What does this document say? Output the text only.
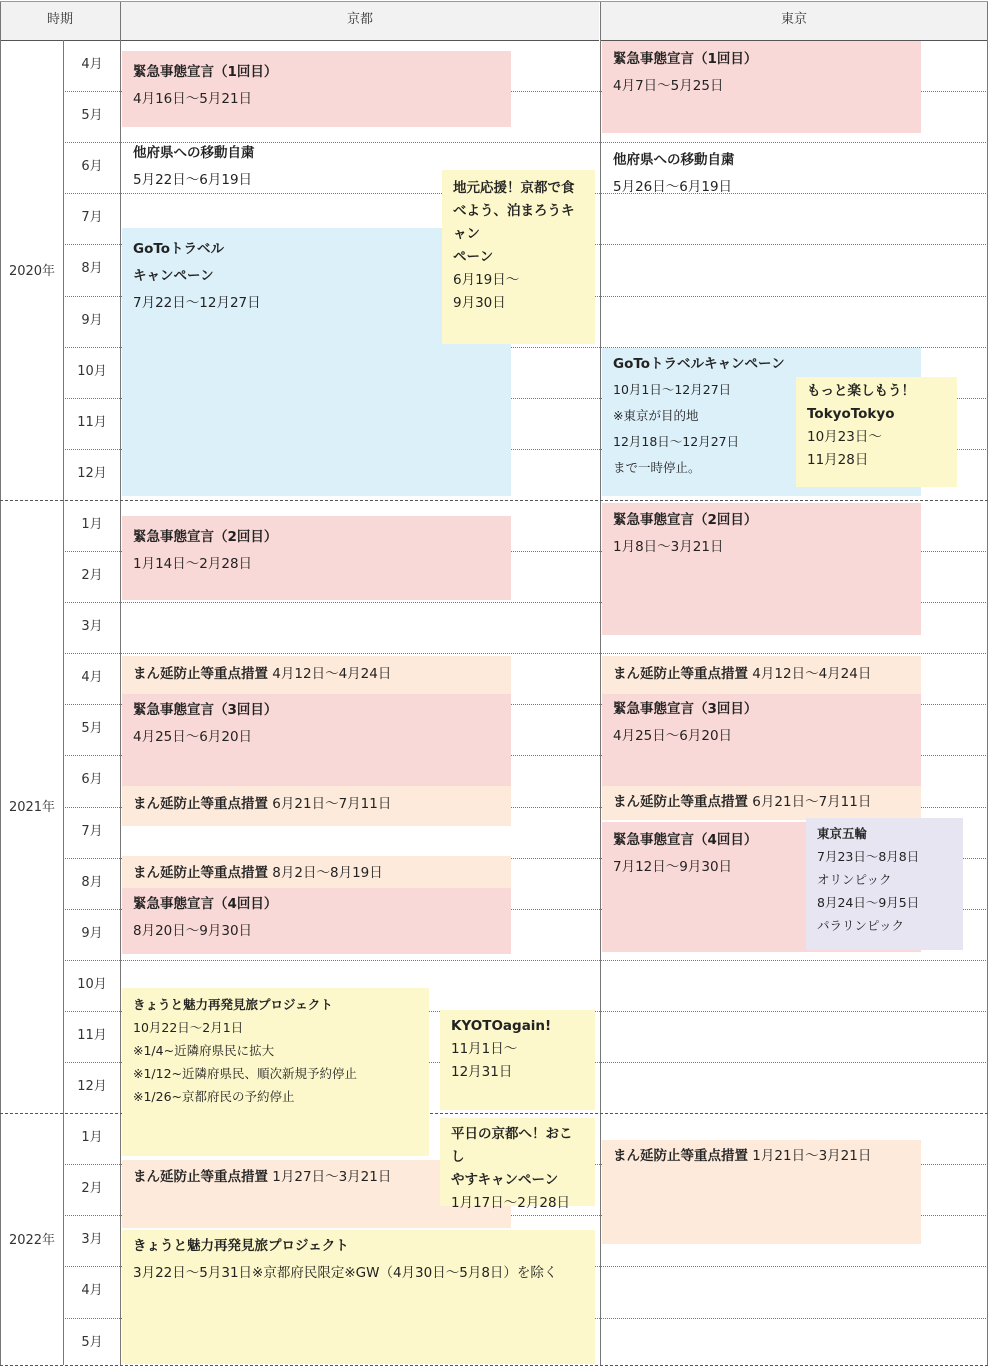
時期	京都	東京
4月
5月
6月
7月
8月
9月
10月
11月
12月
1月
2月
3月
4月
5月
6月
7月
8月
9月
10月
11月
12月
1月
2月
3月
4月
5月
2020年
2021年
2022年
緊急事態宣言（1回目）
4月16日〜5月21日
他府県への移動自粛
5月22日〜6月19日
GoToトラベル
キャンペーン
7月22日〜12月27日
地元応援！京都で食
べよう、泊まろうキャン
ペーン
6月19日〜
9月30日
緊急事態宣言（2回目）
1月14日〜2月28日
まん延防止等重点措置 4月12日〜4月24日
緊急事態宣言（3回目）
4月25日〜6月20日
まん延防止等重点措置 6月21日〜7月11日
まん延防止等重点措置 8月2日〜8月19日
緊急事態宣言（4回目）
8月20日〜9月30日
きょうと魅力再発見旅プロジェクト
10月22日〜2月1日
※1/4~近隣府県民に拡大
※1/12~近隣府県民、順次新規予約停止
※1/26~京都府民の予約停止
KYOTOagain!
11月1日〜
12月31日
まん延防止等重点措置 1月27日〜3月21日
平日の京都へ！おこし
やすキャンペーン
1月17日〜2月28日
きょうと魅力再発見旅プロジェクト
3月22日〜5月31日※京都府民限定※GW（4月30日〜5月8日）を除く
緊急事態宣言（1回目）
4月7日〜5月25日
他府県への移動自粛
5月26日〜6月19日
GoToトラベルキャンペーン
10月1日〜12月27日
※東京が目的地
12月18日〜12月27日
まで一時停止。
もっと楽しもう！
TokyoTokyo
10月23日〜
11月28日
緊急事態宣言（2回目）
1月8日〜3月21日
まん延防止等重点措置 4月12日〜4月24日
緊急事態宣言（3回目）
4月25日〜6月20日
まん延防止等重点措置 6月21日〜7月11日
緊急事態宣言（4回目）
7月12日〜9月30日
東京五輪
7月23日〜8月8日
オリンピック
8月24日〜9月5日
パラリンピック
まん延防止等重点措置 1月21日〜3月21日
